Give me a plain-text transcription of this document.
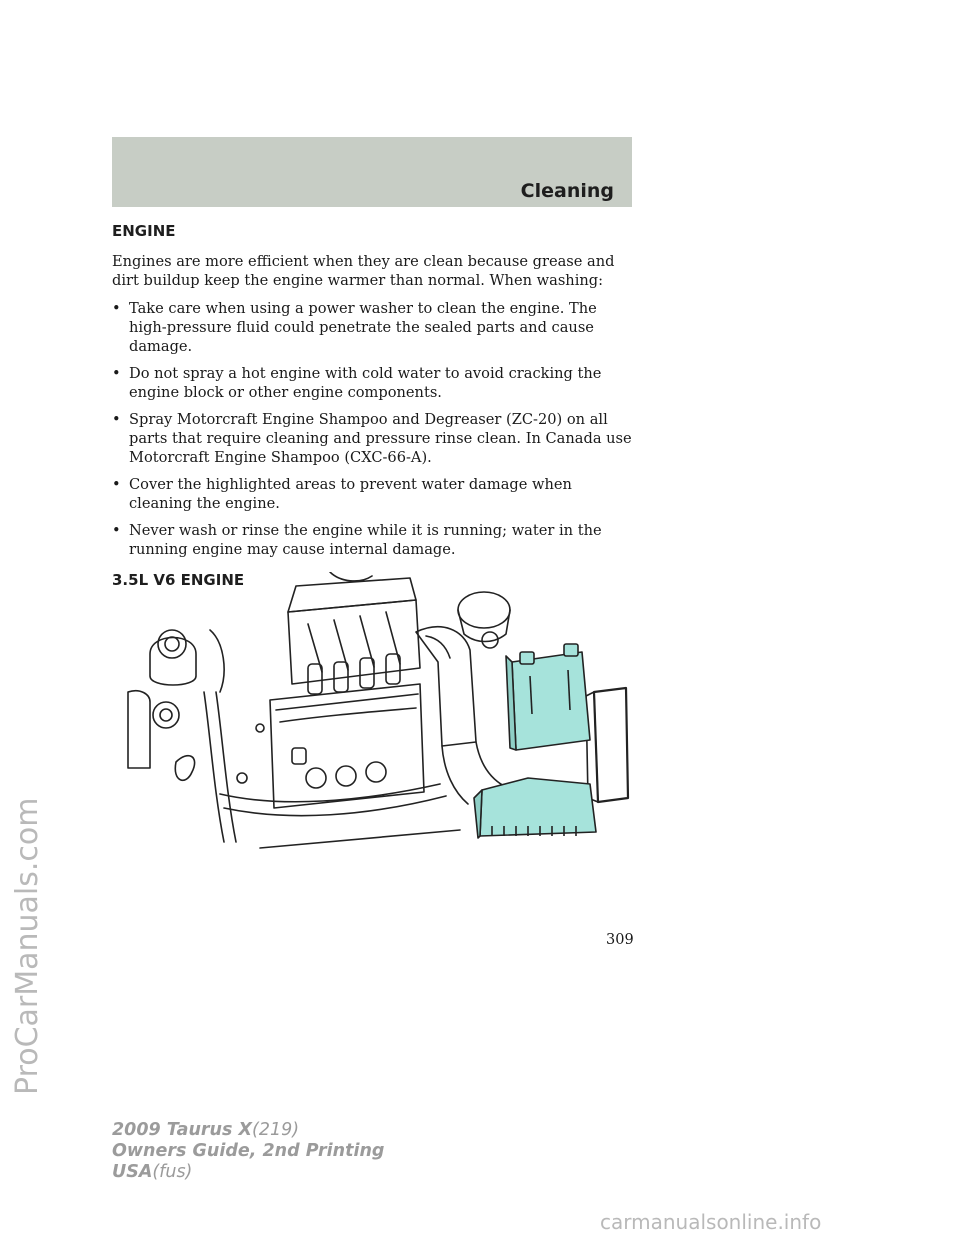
Cleaning
ProCarManuals.com
ENGINE

Engines are more efficient when they are clean because grease and dirt buildup keep the engine warmer than normal. When washing:

• Take care when using a power washer to clean the engine. The high-pressure fluid could penetrate the sealed parts and cause damage.
• Do not spray a hot engine with cold water to avoid cracking the engine block or other engine components.
• Spray Motorcraft Engine Shampoo and Degreaser (ZC-20) on all parts that require cleaning and pressure rinse clean. In Canada use Motorcraft Engine Shampoo (CXC-66-A).
• Cover the highlighted areas to prevent water damage when cleaning the engine.
• Never wash or rinse the engine while it is running; water in the running engine may cause internal damage.
3.5L V6 ENGINE
309
2009 Taurus X(219)
Owners Guide, 2nd Printing
USA(fus)
carmanualsonline.info
